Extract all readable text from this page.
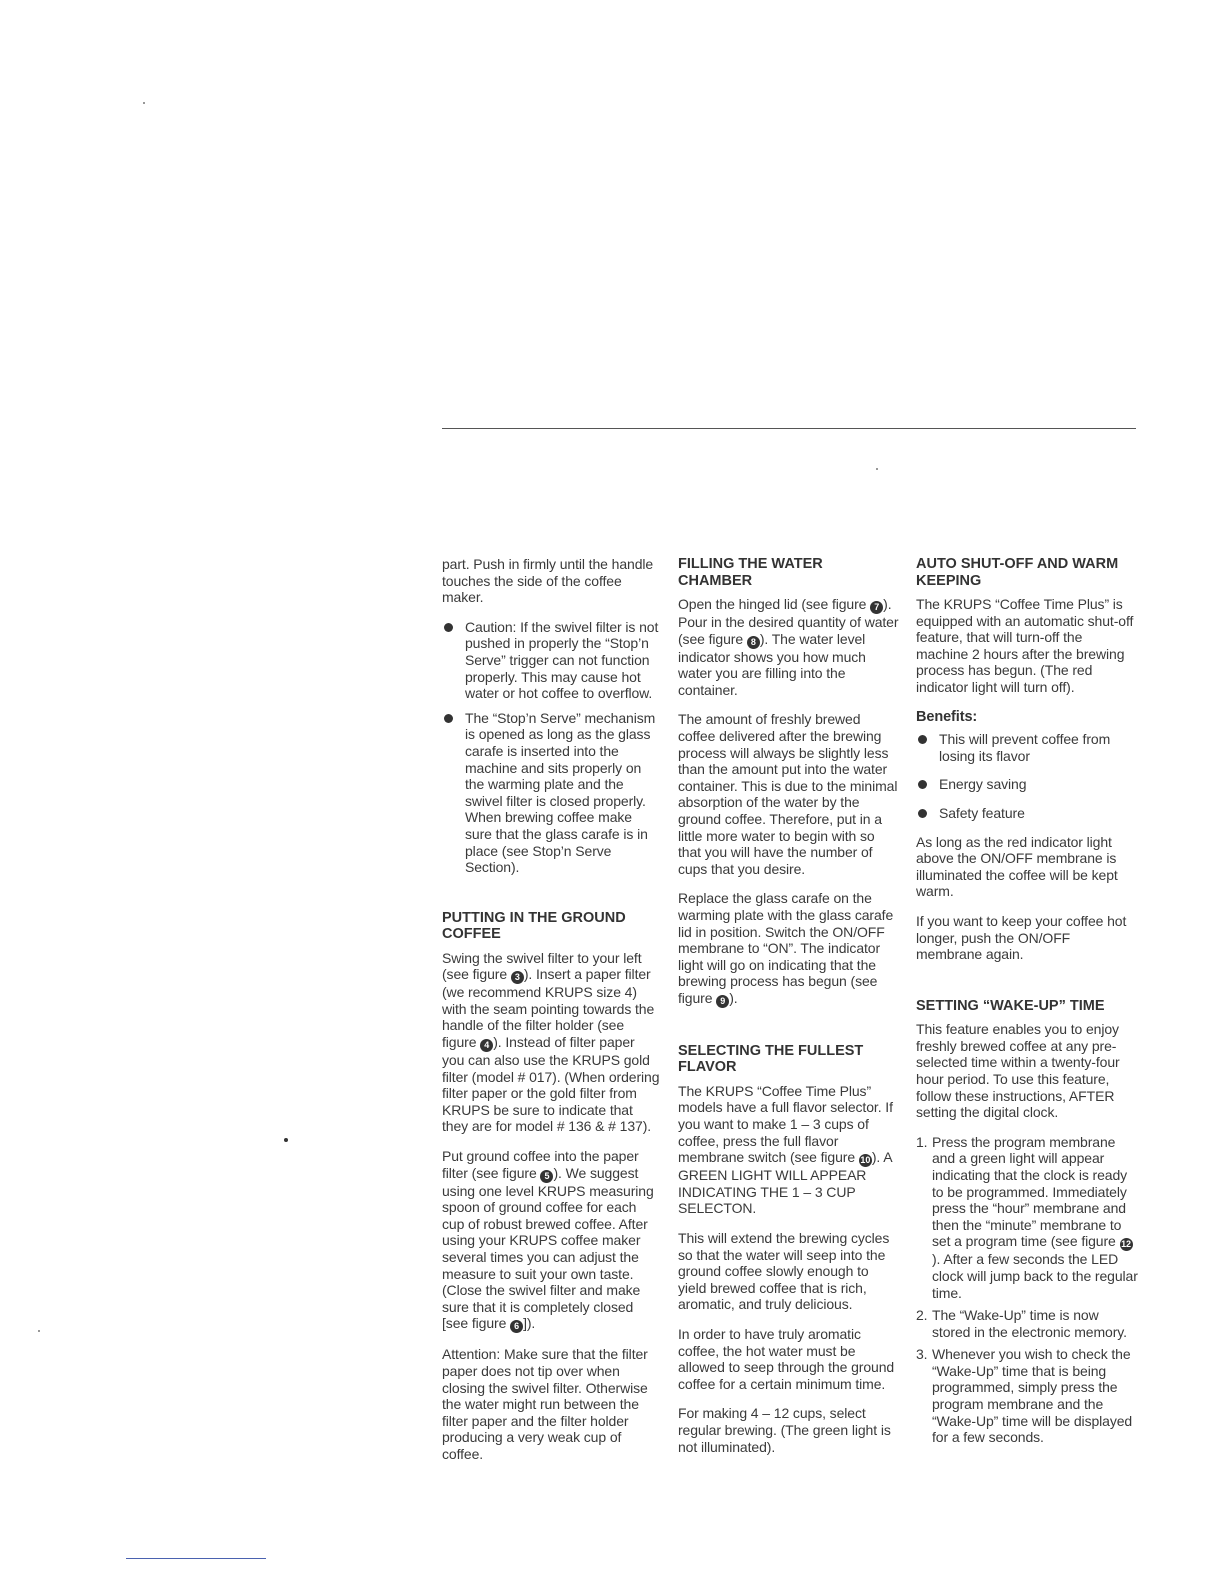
part. Push in firmly until the handle touches the side of the coffee maker.

Caution: If the swivel filter is not pushed in properly the “Stop’n Serve” trigger can not function properly. This may cause hot water or hot coffee to overflow.
The “Stop’n Serve” mechanism is opened as long as the glass carafe is inserted into the machine and sits properly on the warming plate and the swivel filter is closed properly. When brewing coffee make sure that the glass carafe is in place (see Stop’n Serve Section).
PUTTING IN THE GROUND COFFEE

Swing the swivel filter to your left (see figure 3 ). Insert a paper filter (we recommend KRUPS size 4) with the seam pointing towards the handle of the filter holder (see figure 4 ). Instead of filter paper you can also use the KRUPS gold filter (model # 017). (When ordering filter paper or the gold filter from KRUPS be sure to indicate that they are for model # 136 & # 137).

Put ground coffee into the paper filter (see figure 5 ). We suggest using one level KRUPS measuring spoon of ground coffee for each cup of robust brewed coffee. After using your KRUPS coffee maker several times you can adjust the measure to suit your own taste. (Close the swivel filter and make sure that it is completely closed [see figure 6 ]).

Attention: Make sure that the filter paper does not tip over when closing the swivel filter. Otherwise the water might run between the filter paper and the filter holder producing a very weak cup of coffee.

FILLING THE WATER CHAMBER

Open the hinged lid (see figure 7 ). Pour in the desired quantity of water (see figure 8 ). The water level indicator shows you how much water you are filling into the container.

The amount of freshly brewed coffee delivered after the brewing process will always be slightly less than the amount put into the water container. This is due to the minimal absorption of the water by the ground coffee. Therefore, put in a little more water to begin with so that you will have the number of cups that you desire.

Replace the glass carafe on the warming plate with the glass carafe lid in position. Switch the ON/OFF membrane to “ON”. The indicator light will go on indicating that the brewing process has begun (see figure 9 ).

SELECTING THE FULLEST FLAVOR

The KRUPS “Coffee Time Plus” models have a full flavor selector. If you want to make 1 – 3 cups of coffee, press the full flavor membrane switch (see figure 10 ). A GREEN LIGHT WILL APPEAR INDICATING THE 1 – 3 CUP SELECTON.

This will extend the brewing cycles so that the water will seep into the ground coffee slowly enough to yield brewed coffee that is rich, aromatic, and truly delicious.

In order to have truly aromatic coffee, the hot water must be allowed to seep through the ground coffee for a certain minimum time.

For making 4 – 12 cups, select regular brewing. (The green light is not illuminated).

AUTO SHUT-OFF AND WARM KEEPING

The KRUPS “Coffee Time Plus” is equipped with an automatic shut-off feature, that will turn-off the machine 2 hours after the brewing process has begun. (The red indicator light will turn off).

Benefits:
This will prevent coffee from losing its flavor
Energy saving
Safety feature

As long as the red indicator light above the ON/OFF membrane is illuminated the coffee will be kept warm.

If you want to keep your coffee hot longer, push the ON/OFF membrane again.

SETTING “WAKE-UP” TIME

This feature enables you to enjoy freshly brewed coffee at any pre-selected time within a twenty-four hour period. To use this feature, follow these instructions, AFTER setting the digital clock.

1. Press the program membrane and a green light will appear indicating that the clock is ready to be programmed. Immediately press the “hour” membrane and then the “minute” membrane to set a program time (see figure 12). After a few seconds the LED clock will jump back to the regular time.
2. The “Wake-Up” time is now stored in the electronic memory.
3. Whenever you wish to check the “Wake-Up” time that is being programmed, simply press the program membrane and the “Wake-Up” time will be displayed for a few seconds.
